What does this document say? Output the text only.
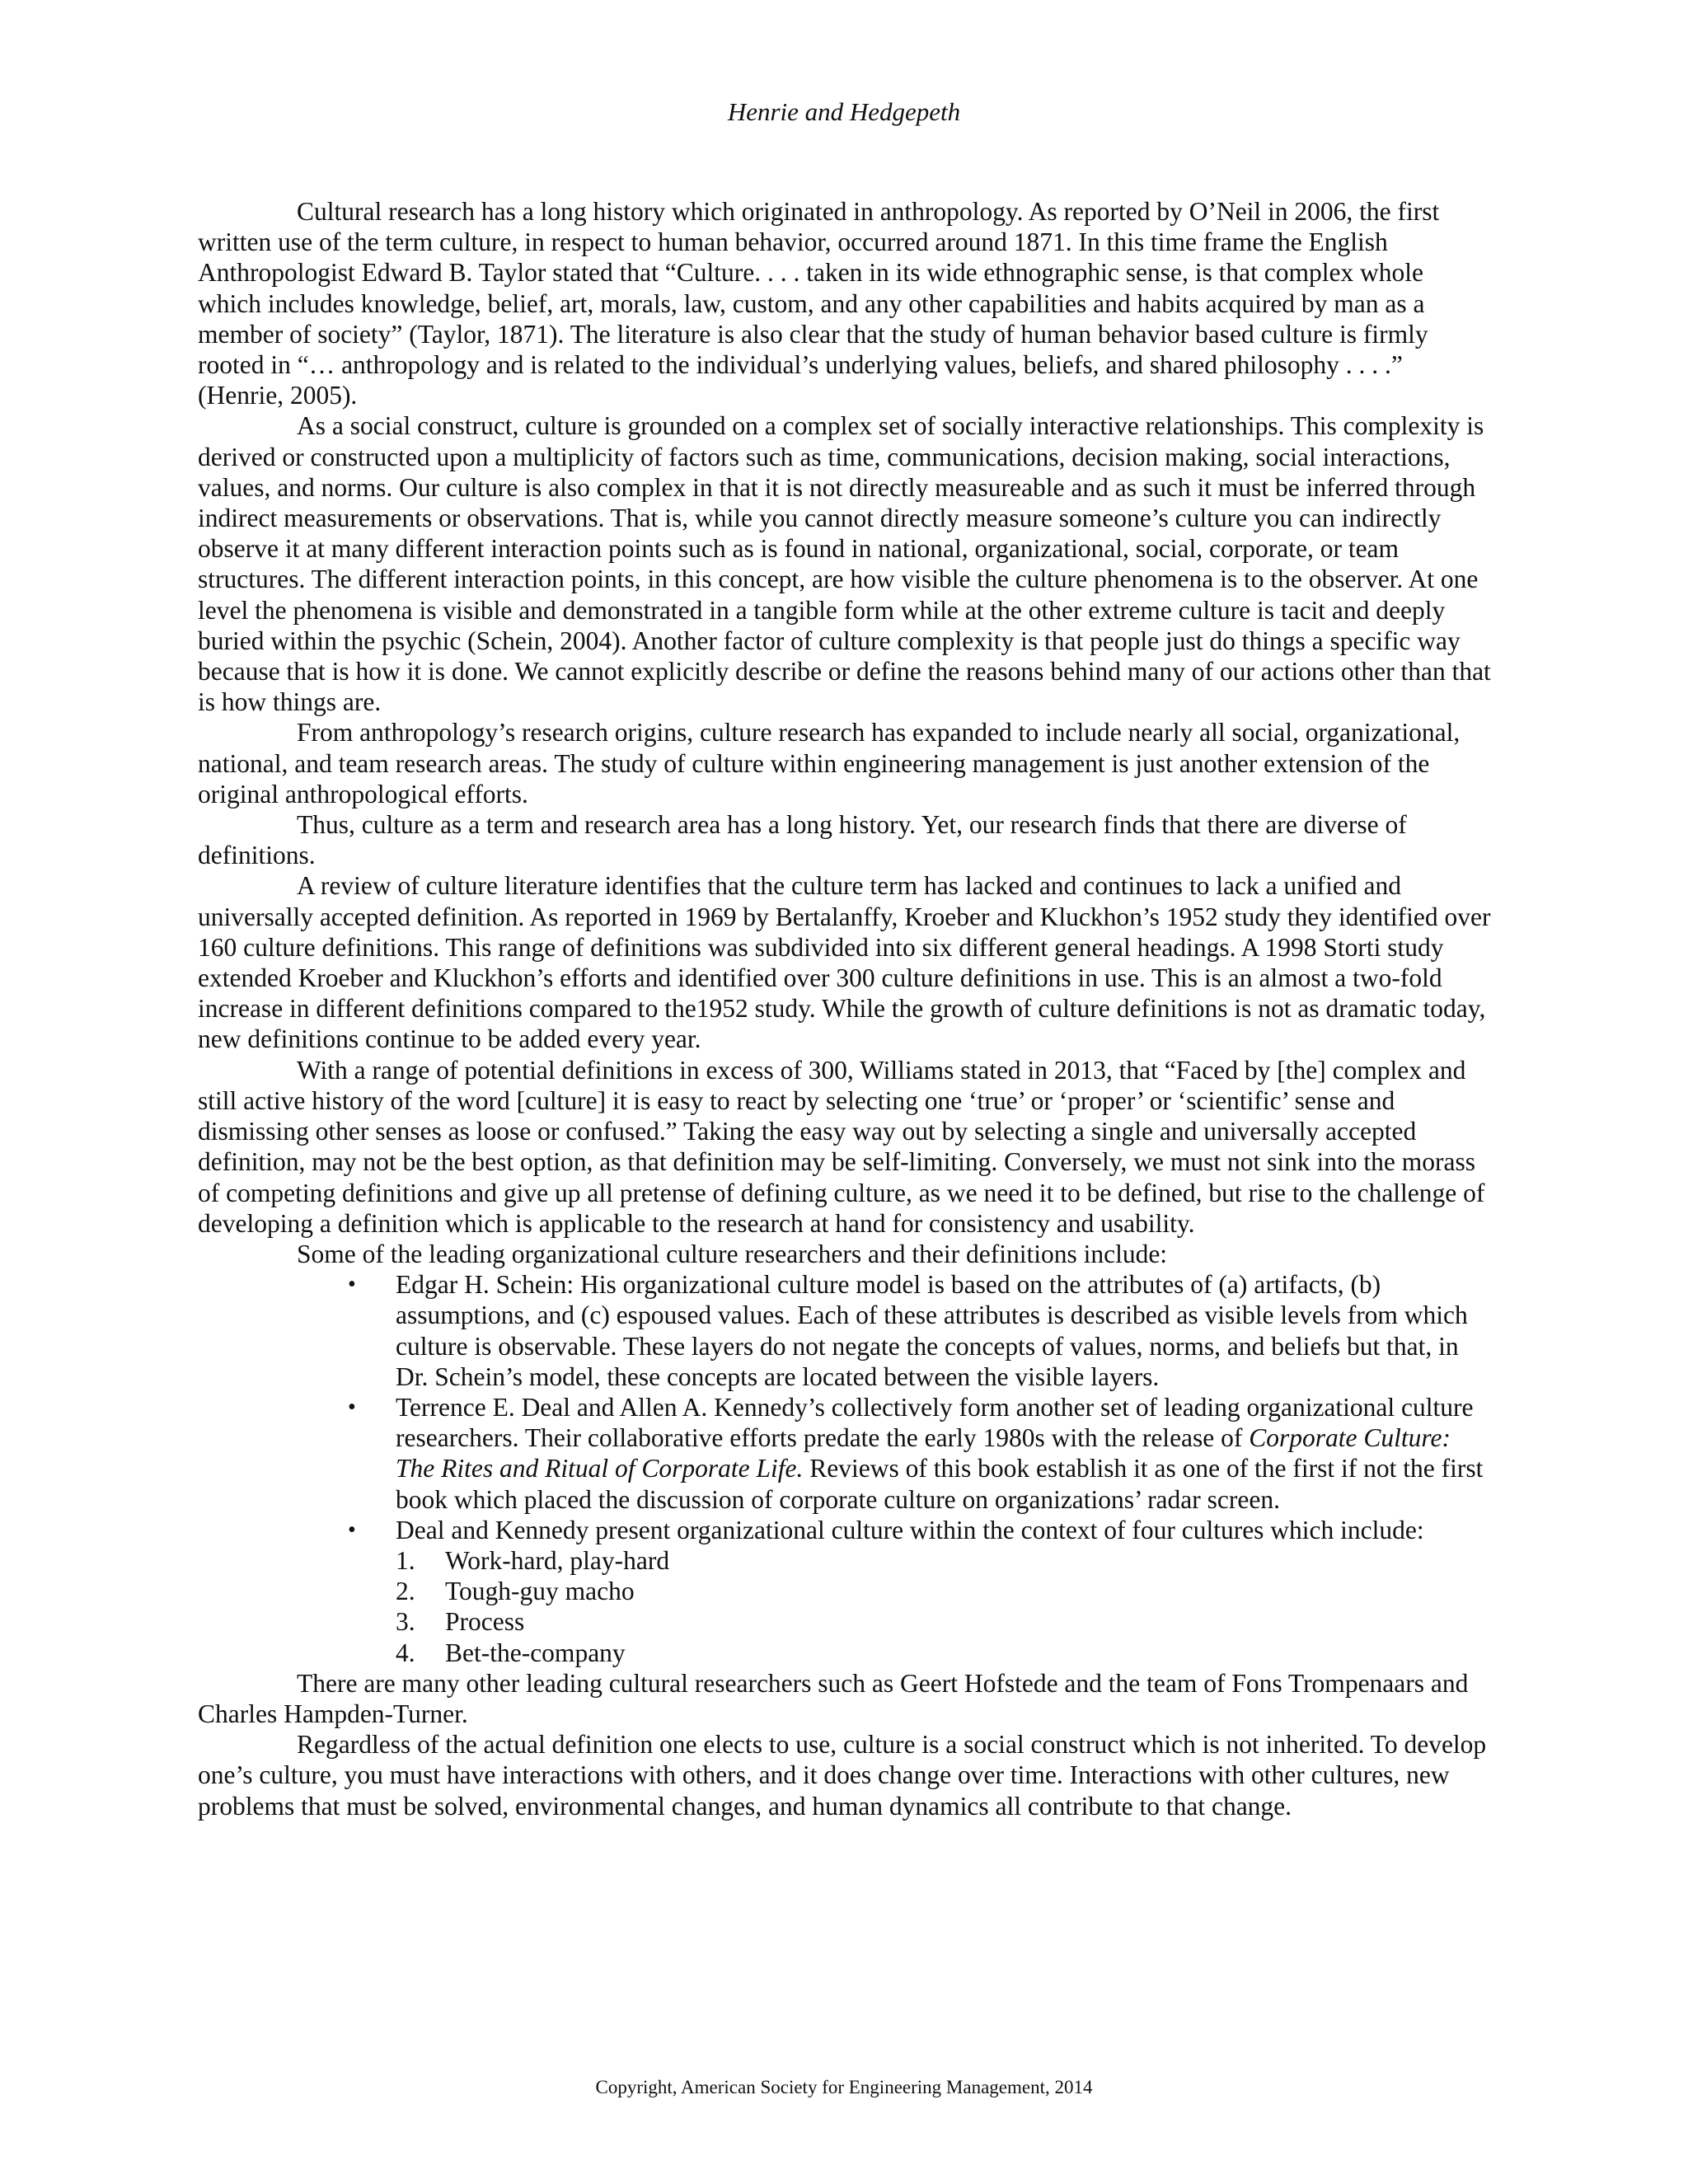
Henrie and Hedgepeth

Cultural research has a long history which originated in anthropology. As reported by O’Neil in 2006, the first written use of the term culture, in respect to human behavior, occurred around 1871. In this time frame the English Anthropologist Edward B. Taylor stated that “Culture. . . . taken in its wide ethnographic sense, is that complex whole which includes knowledge, belief, art, morals, law, custom, and any other capabilities and habits acquired by man as a member of society” (Taylor, 1871). The literature is also clear that the study of human behavior based culture is firmly rooted in “… anthropology and is related to the individual’s underlying values, beliefs, and shared philosophy . . . .” (Henrie, 2005).

As a social construct, culture is grounded on a complex set of socially interactive relationships. This complexity is derived or constructed upon a multiplicity of factors such as time, communications, decision making, social interactions, values, and norms. Our culture is also complex in that it is not directly measureable and as such it must be inferred through indirect measurements or observations. That is, while you cannot directly measure someone’s culture you can indirectly observe it at many different interaction points such as is found in national, organizational, social, corporate, or team structures. The different interaction points, in this concept, are how visible the culture phenomena is to the observer. At one level the phenomena is visible and demonstrated in a tangible form while at the other extreme culture is tacit and deeply buried within the psychic (Schein, 2004). Another factor of culture complexity is that people just do things a specific way because that is how it is done. We cannot explicitly describe or define the reasons behind many of our actions other than that is how things are.

From anthropology’s research origins, culture research has expanded to include nearly all social, organizational, national, and team research areas. The study of culture within engineering management is just another extension of the original anthropological efforts.

Thus, culture as a term and research area has a long history. Yet, our research finds that there are diverse of definitions.

A review of culture literature identifies that the culture term has lacked and continues to lack a unified and universally accepted definition. As reported in 1969 by Bertalanffy, Kroeber and Kluckhon’s 1952 study they identified over 160 culture definitions. This range of definitions was subdivided into six different general headings. A 1998 Storti study extended Kroeber and Kluckhon’s efforts and identified over 300 culture definitions in use. This is an almost a two-fold increase in different definitions compared to the1952 study. While the growth of culture definitions is not as dramatic today, new definitions continue to be added every year.

With a range of potential definitions in excess of 300, Williams stated in 2013, that “Faced by [the] complex and still active history of the word [culture] it is easy to react by selecting one ‘true’ or ‘proper’ or ‘scientific’ sense and dismissing other senses as loose or confused.” Taking the easy way out by selecting a single and universally accepted definition, may not be the best option, as that definition may be self-limiting. Conversely, we must not sink into the morass of competing definitions and give up all pretense of defining culture, as we need it to be defined, but rise to the challenge of developing a definition which is applicable to the research at hand for consistency and usability.

Some of the leading organizational culture researchers and their definitions include:

• Edgar H. Schein: His organizational culture model is based on the attributes of (a) artifacts, (b) assumptions, and (c) espoused values. Each of these attributes is described as visible levels from which culture is observable. These layers do not negate the concepts of values, norms, and beliefs but that, in Dr. Schein’s model, these concepts are located between the visible layers.
• Terrence E. Deal and Allen A. Kennedy’s collectively form another set of leading organizational culture researchers. Their collaborative efforts predate the early 1980s with the release of Corporate Culture: The Rites and Ritual of Corporate Life. Reviews of this book establish it as one of the first if not the first book which placed the discussion of corporate culture on organizations’ radar screen.
• Deal and Kennedy present organizational culture within the context of four cultures which include:
1. Work-hard, play-hard
2. Tough-guy macho
3. Process
4. Bet-the-company

There are many other leading cultural researchers such as Geert Hofstede and the team of Fons Trompenaars and Charles Hampden-Turner.

Regardless of the actual definition one elects to use, culture is a social construct which is not inherited. To develop one’s culture, you must have interactions with others, and it does change over time. Interactions with other cultures, new problems that must be solved, environmental changes, and human dynamics all contribute to that change.

Copyright, American Society for Engineering Management, 2014
